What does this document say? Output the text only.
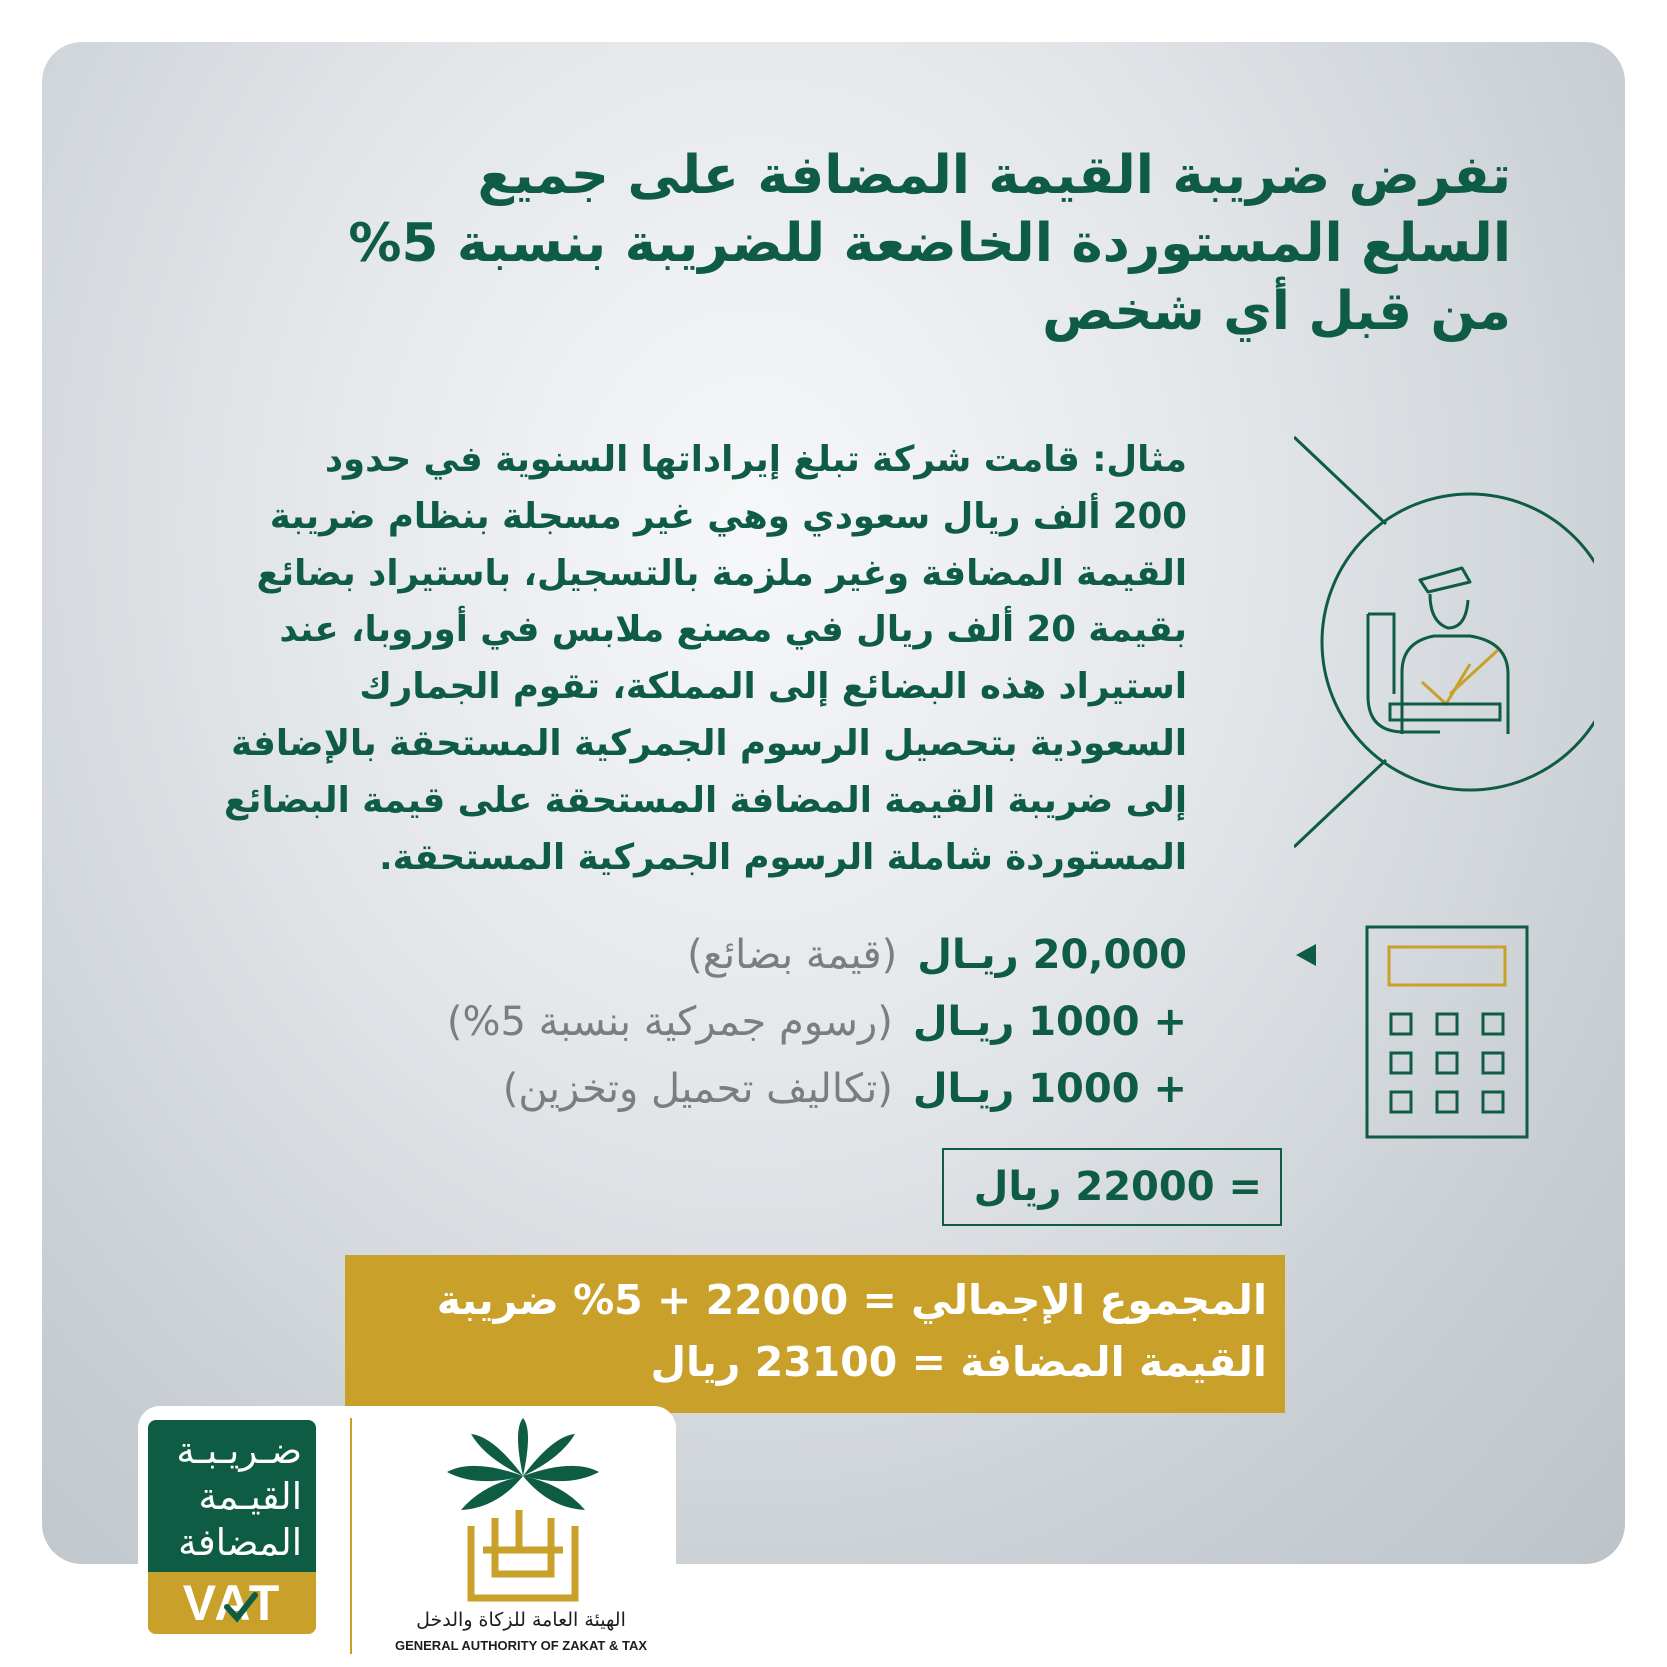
تفرض ضريبة القيمة المضافة على جميع
السلع المستوردة الخاضعة للضريبة بنسبة 5%
من قبل أي شخص
مثال: قامت شركة تبلغ إيراداتها السنوية في حدود
200 ألف ريال سعودي وهي غير مسجلة بنظام ضريبة
القيمة المضافة وغير ملزمة بالتسجيل، باستيراد بضائع
بقيمة 20 ألف ريال في مصنع ملابس في أوروبا، عند
استيراد هذه البضائع إلى المملكة، تقوم الجمارك
السعودية بتحصيل الرسوم الجمركية المستحقة بالإضافة
إلى ضريبة القيمة المضافة المستحقة على قيمة البضائع
المستوردة شاملة الرسوم الجمركية المستحقة.
20,000 ريـال(قيمة بضائع)
+ 1000 ريـال(رسوم جمركية بنسبة 5%)
+ 1000 ريـال(تكاليف تحميل وتخزين)
= 22000 ريال
المجموع الإجمالي = 22000 + 5% ضريبة
القيمة المضافة = 23100 ريال
ضـريـبـة
القيـمة
المضافة
VAT	الهيئة العامة للزكاة والدخل
GENERAL AUTHORITY OF ZAKAT & TAX
